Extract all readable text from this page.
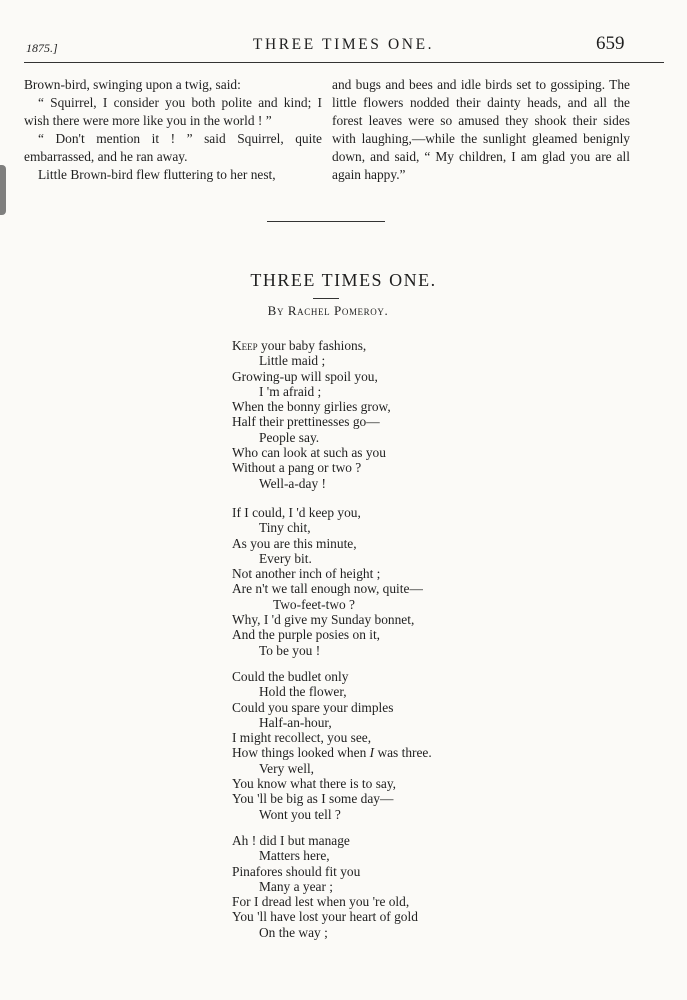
1875.]	THREE TIMES ONE.	659

Brown-bird, swinging upon a twig, said:

“ Squirrel, I consider you both polite and kind; I wish there were more like you in the world ! ”

“ Don't mention it ! ” said Squirrel, quite embarrassed, and he ran away.

Little Brown-bird flew fluttering to her nest,

and bugs and bees and idle birds set to gossiping. The little flowers nodded their dainty heads, and all the forest leaves were so amused they shook their sides with laughing,—while the sunlight gleamed benignly down, and said, “ My children, I am glad you are all again happy.”

THREE TIMES ONE.
By Rachel Pomeroy.
Keep your baby fashions,
Little maid ;
Growing-up will spoil you,
I 'm afraid ;
When the bonny girlies grow,
Half their prettinesses go—
People say.
Who can look at such as you
Without a pang or two ?
Well-a-day !
If I could, I 'd keep you,
Tiny chit,
As you are this minute,
Every bit.
Not another inch of height ;
Are n't we tall enough now, quite—
Two-feet-two ?
Why, I 'd give my Sunday bonnet,
And the purple posies on it,
To be you !
Could the budlet only
Hold the flower,
Could you spare your dimples
Half-an-hour,
I might recollect, you see,
How things looked when I was three.
Very well,
You know what there is to say,
You 'll be big as I some day—
Wont you tell ?
Ah ! did I but manage
Matters here,
Pinafores should fit you
Many a year ;
For I dread lest when you 're old,
You 'll have lost your heart of gold
On the way ;
